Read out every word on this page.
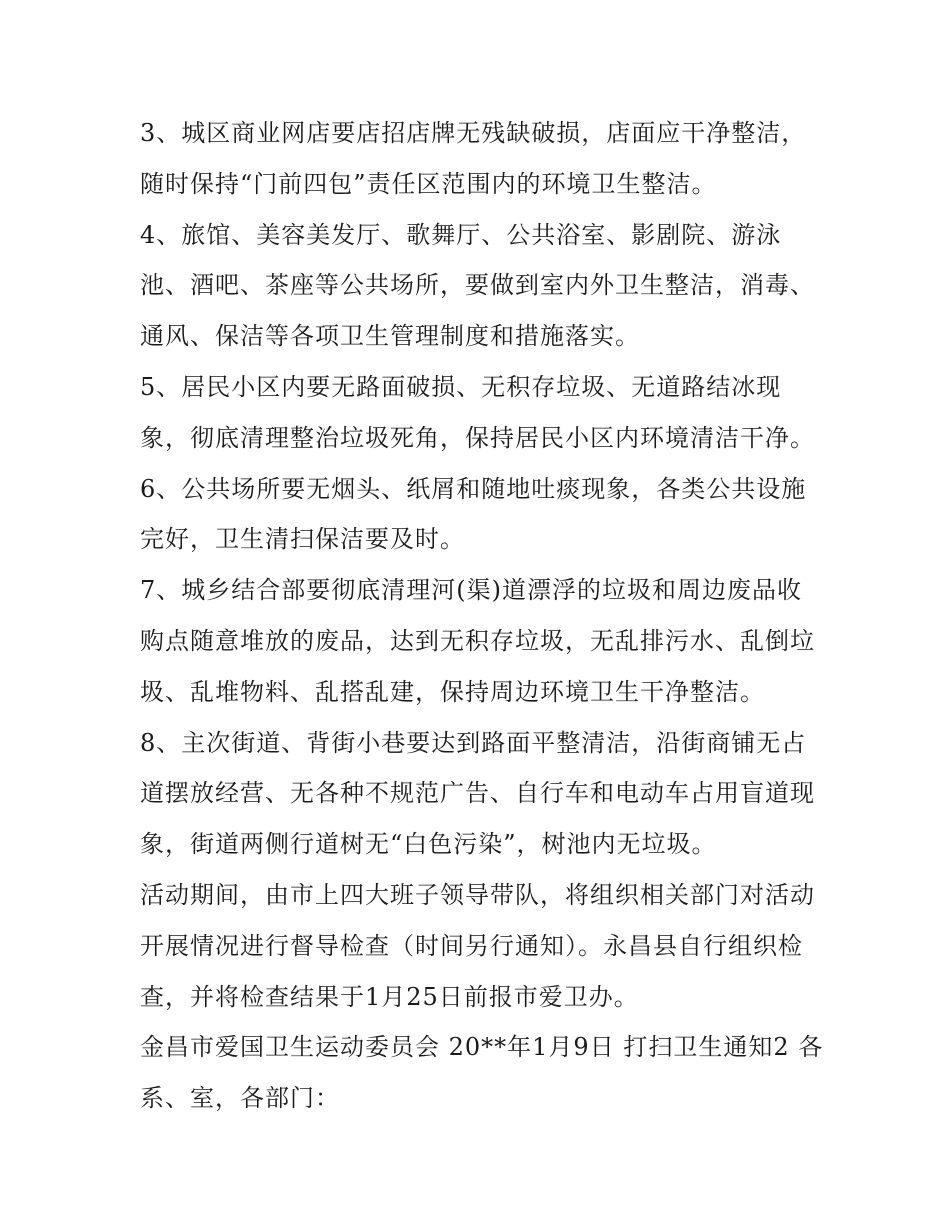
3、城区商业网店要店招店牌无残缺破损，店面应干净整洁，
随时保持“门前四包”责任区范围内的环境卫生整洁。
4、旅馆、美容美发厅、歌舞厅、公共浴室、影剧院、游泳
池、酒吧、茶座等公共场所，要做到室内外卫生整洁，消毒、
通风、保洁等各项卫生管理制度和措施落实。
5、居民小区内要无路面破损、无积存垃圾、无道路结冰现
象，彻底清理整治垃圾死角，保持居民小区内环境清洁干净。
6、公共场所要无烟头、纸屑和随地吐痰现象，各类公共设施
完好，卫生清扫保洁要及时。
7、城乡结合部要彻底清理河(渠)道漂浮的垃圾和周边废品收
购点随意堆放的废品，达到无积存垃圾，无乱排污水、乱倒垃
圾、乱堆物料、乱搭乱建，保持周边环境卫生干净整洁。
8、主次街道、背街小巷要达到路面平整清洁，沿街商铺无占
道摆放经营、无各种不规范广告、自行车和电动车占用盲道现
象，街道两侧行道树无“白色污染”，树池内无垃圾。
活动期间，由市上四大班子领导带队，将组织相关部门对活动
开展情况进行督导检查（时间另行通知）。永昌县自行组织检
查，并将检查结果于1月25日前报市爱卫办。
金昌市爱国卫生运动委员会 20**年1月9日 打扫卫生通知2 各
系、室，各部门：
